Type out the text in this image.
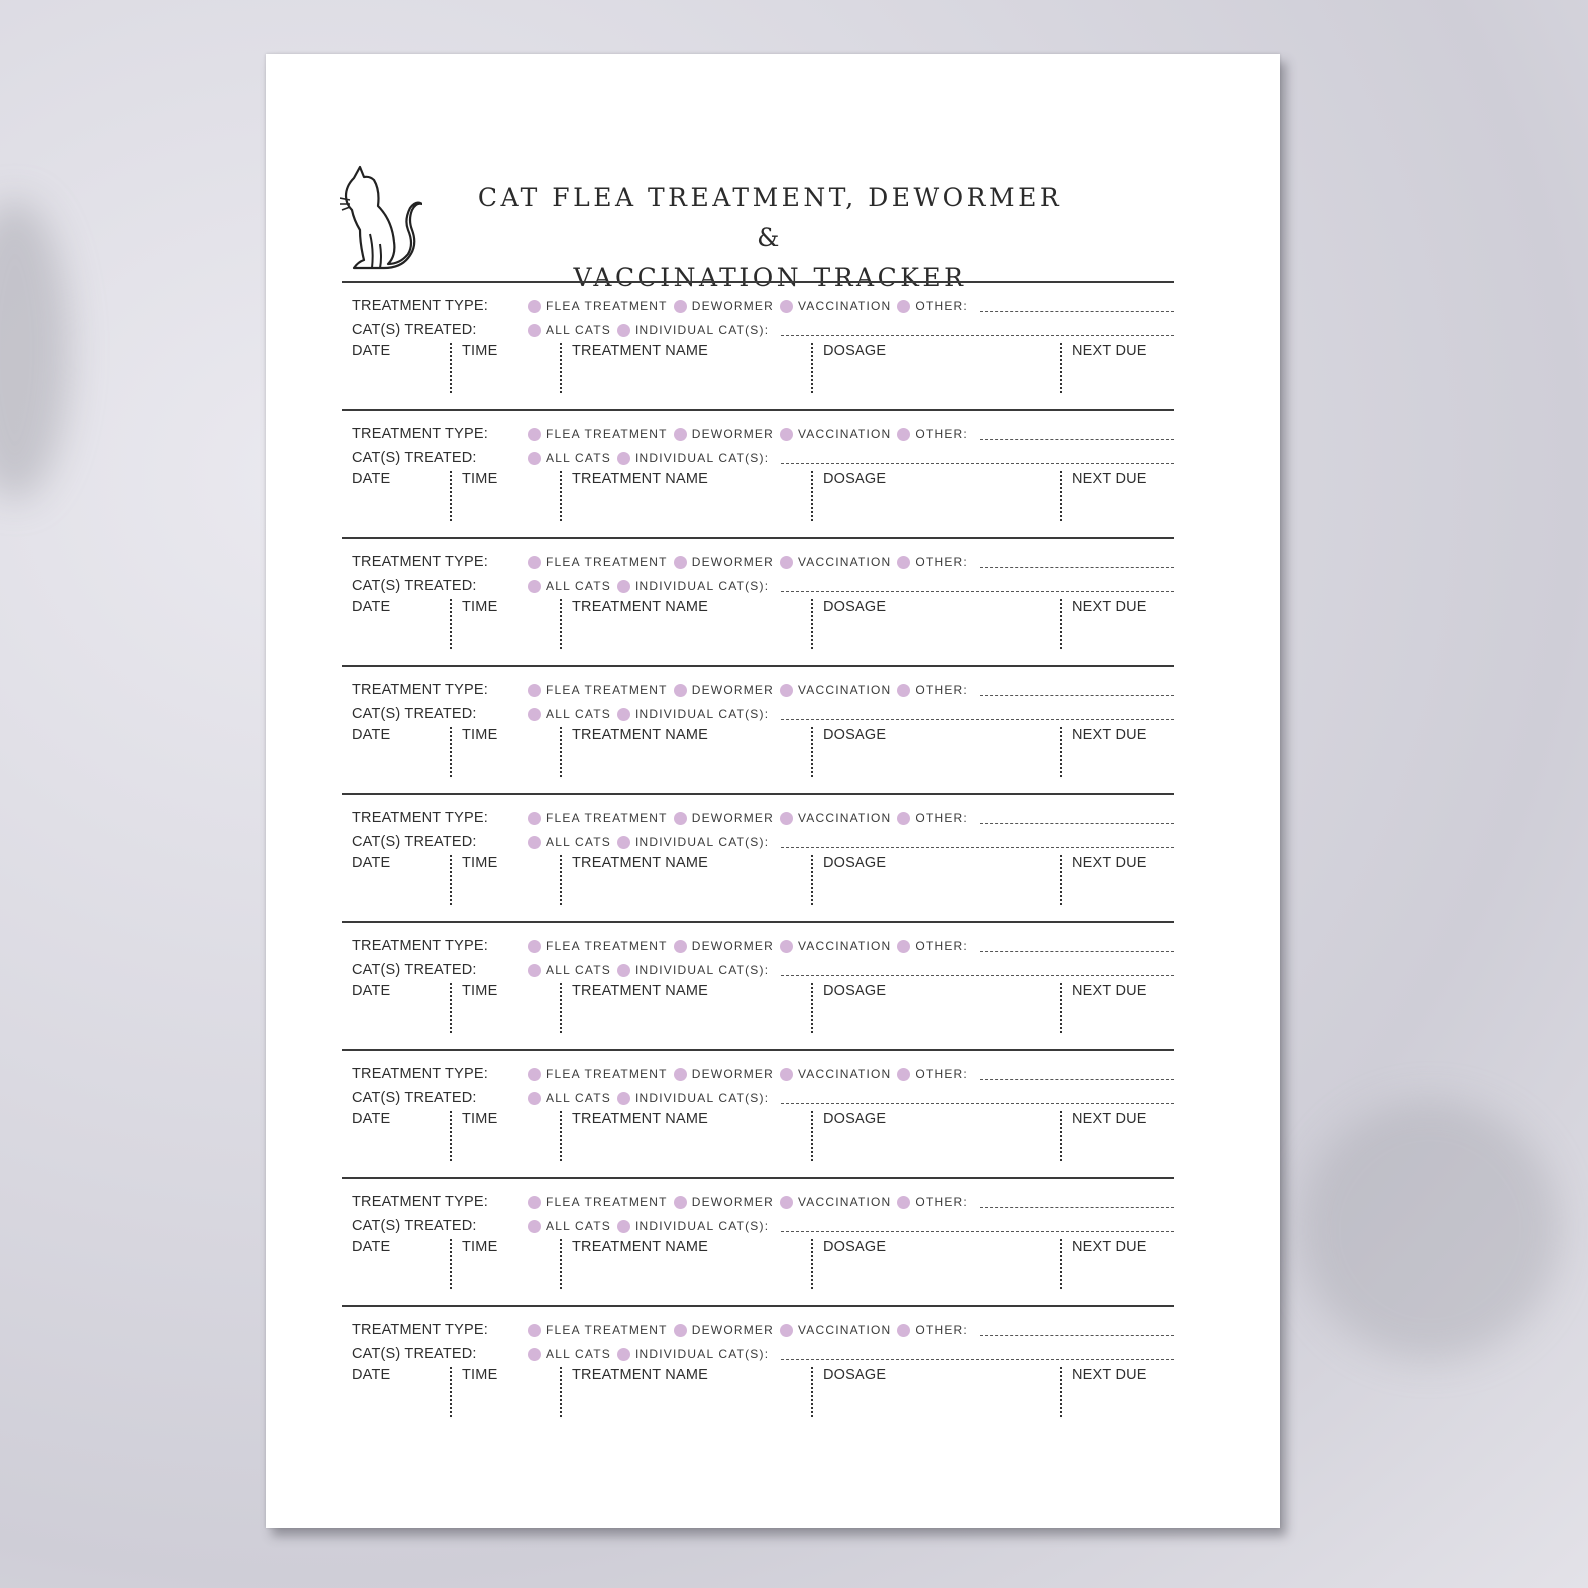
CAT FLEA TREATMENT, DEWORMER &
VACCINATION TRACKER
TREATMENT TYPE:	FLEA TREATMENT DEWORMER VACCINATION OTHER:
CAT(S) TREATED:	ALL CATS INDIVIDUAL CAT(S):
DATE	TIME	TREATMENT NAME	DOSAGE	NEXT DUE
TREATMENT TYPE:	FLEA TREATMENT DEWORMER VACCINATION OTHER:
CAT(S) TREATED:	ALL CATS INDIVIDUAL CAT(S):
DATE	TIME	TREATMENT NAME	DOSAGE	NEXT DUE
TREATMENT TYPE:	FLEA TREATMENT DEWORMER VACCINATION OTHER:
CAT(S) TREATED:	ALL CATS INDIVIDUAL CAT(S):
DATE	TIME	TREATMENT NAME	DOSAGE	NEXT DUE
TREATMENT TYPE:	FLEA TREATMENT DEWORMER VACCINATION OTHER:
CAT(S) TREATED:	ALL CATS INDIVIDUAL CAT(S):
DATE	TIME	TREATMENT NAME	DOSAGE	NEXT DUE
TREATMENT TYPE:	FLEA TREATMENT DEWORMER VACCINATION OTHER:
CAT(S) TREATED:	ALL CATS INDIVIDUAL CAT(S):
DATE	TIME	TREATMENT NAME	DOSAGE	NEXT DUE
TREATMENT TYPE:	FLEA TREATMENT DEWORMER VACCINATION OTHER:
CAT(S) TREATED:	ALL CATS INDIVIDUAL CAT(S):
DATE	TIME	TREATMENT NAME	DOSAGE	NEXT DUE
TREATMENT TYPE:	FLEA TREATMENT DEWORMER VACCINATION OTHER:
CAT(S) TREATED:	ALL CATS INDIVIDUAL CAT(S):
DATE	TIME	TREATMENT NAME	DOSAGE	NEXT DUE
TREATMENT TYPE:	FLEA TREATMENT DEWORMER VACCINATION OTHER:
CAT(S) TREATED:	ALL CATS INDIVIDUAL CAT(S):
DATE	TIME	TREATMENT NAME	DOSAGE	NEXT DUE
TREATMENT TYPE:	FLEA TREATMENT DEWORMER VACCINATION OTHER:
CAT(S) TREATED:	ALL CATS INDIVIDUAL CAT(S):
DATE	TIME	TREATMENT NAME	DOSAGE	NEXT DUE
